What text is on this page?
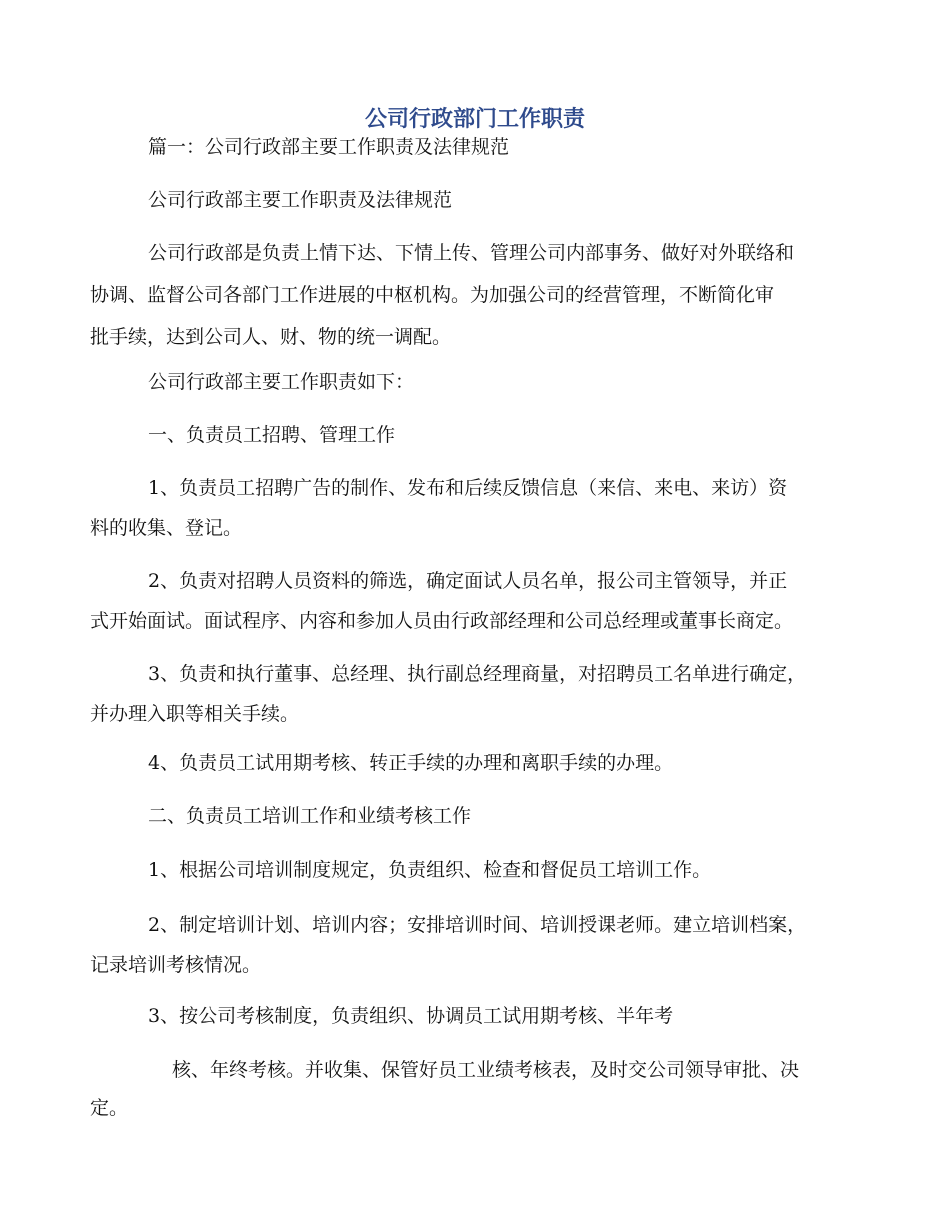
公司行政部门工作职责

篇一：公司行政部主要工作职责及法律规范

公司行政部主要工作职责及法律规范

公司行政部是负责上情下达、下情上传、管理公司内部事务、做好对外联络和
协调、监督公司各部门工作进展的中枢机构。为加强公司的经营管理，不断简化审
批手续，达到公司人、财、物的统一调配。

公司行政部主要工作职责如下：

一、负责员工招聘、管理工作

1、负责员工招聘广告的制作、发布和后续反馈信息（来信、来电、来访）资
料的收集、登记。

2、负责对招聘人员资料的筛选，确定面试人员名单，报公司主管领导，并正
式开始面试。面试程序、内容和参加人员由行政部经理和公司总经理或董事长商定。

3、负责和执行董事、总经理、执行副总经理商量，对招聘员工名单进行确定，
并办理入职等相关手续。

4、负责员工试用期考核、转正手续的办理和离职手续的办理。

二、负责员工培训工作和业绩考核工作

1、根据公司培训制度规定，负责组织、检查和督促员工培训工作。

2、制定培训计划、培训内容；安排培训时间、培训授课老师。建立培训档案，
记录培训考核情况。

3、按公司考核制度，负责组织、协调员工试用期考核、半年考

核、年终考核。并收集、保管好员工业绩考核表，及时交公司领导审批、决
定。
